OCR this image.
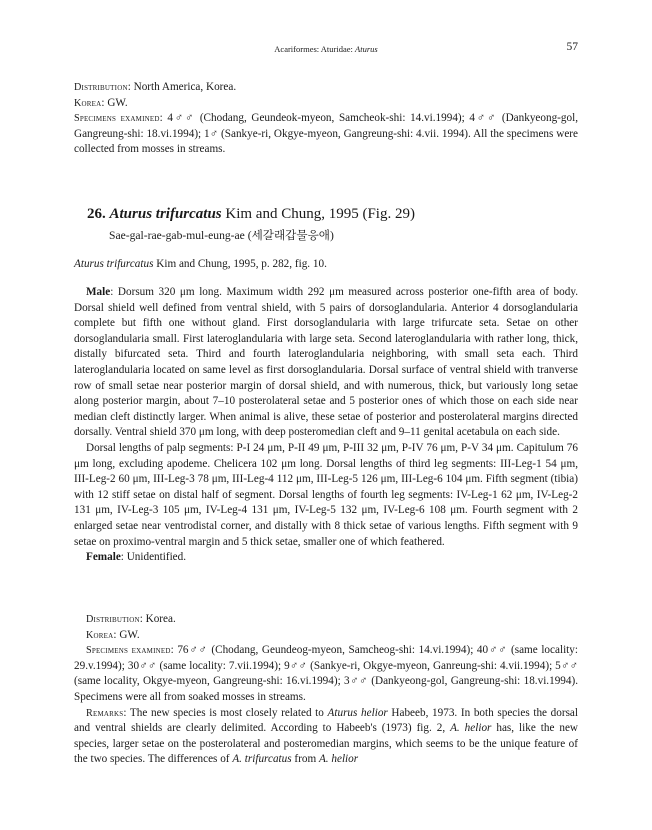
Acariformes: Aturidae: Aturus	57

Distribution: North America, Korea.

Korea: GW.

Specimens examined: 4♂♂ (Chodang, Geundeok-myeon, Samcheok-shi: 14.vi.1994); 4♂♂ (Dankyeong-gol, Gangreung-shi: 18.vi.1994); 1♂ (Sankye-ri, Okgye-myeon, Gangreung-shi: 4.vii. 1994). All the specimens were collected from mosses in streams.

26. Aturus trifurcatus Kim and Chung, 1995 (Fig. 29)
Sae-gal-rae-gab-mul-eung-ae (세갈래갑물응애)

Aturus trifurcatus Kim and Chung, 1995, p. 282, fig. 10.

Male: Dorsum 320 μm long. Maximum width 292 μm measured across posterior one-fifth area of body. Dorsal shield well defined from ventral shield, with 5 pairs of dorsoglandularia. Anterior 4 dorsoglandularia complete but fifth one without gland. First dorsoglandularia with large trifurcate seta. Setae on other dorsoglandularia small. First lateroglandularia with large seta. Second lateroglandularia with rather long, thick, distally bifurcated seta. Third and fourth lateroglandularia neighboring, with small seta each. Third lateroglandularia located on same level as first dorsoglandularia. Dorsal surface of ventral shield with tranverse row of small setae near posterior margin of dorsal shield, and with numerous, thick, but variously long setae along posterior margin, about 7–10 posterolateral setae and 5 posterior ones of which those on each side near median cleft distinctly larger. When animal is alive, these setae of posterior and posterolateral margins directed dorsally. Ventral shield 370 μm long, with deep posteromedian cleft and 9–11 genital acetabula on each side.

Dorsal lengths of palp segments: P-I 24 μm, P-II 49 μm, P-III 32 μm, P-IV 76 μm, P-V 34 μm. Capitulum 76 μm long, excluding apodeme. Chelicera 102 μm long. Dorsal lengths of third leg segments: III-Leg-1 54 μm, III-Leg-2 60 μm, III-Leg-3 78 μm, III-Leg-4 112 μm, III-Leg-5 126 μm, III-Leg-6 104 μm. Fifth segment (tibia) with 12 stiff setae on distal half of segment. Dorsal lengths of fourth leg segments: IV-Leg-1 62 μm, IV-Leg-2 131 μm, IV-Leg-3 105 μm, IV-Leg-4 131 μm, IV-Leg-5 132 μm, IV-Leg-6 108 μm. Fourth segment with 2 enlarged setae near ventrodistal corner, and distally with 8 thick setae of various lengths. Fifth segment with 9 setae on proximo-ventral margin and 5 thick setae, smaller one of which feathered.

Female: Unidentified.

Distribution: Korea.

Korea: GW.

Specimens examined: 76♂♂ (Chodang, Geundeog-myeon, Samcheog-shi: 14.vi.1994); 40♂♂ (same locality: 29.v.1994); 30♂♂ (same locality: 7.vii.1994); 9♂♂ (Sankye-ri, Okgye-myeon, Ganreung-shi: 4.vii.1994); 5♂♂ (same locality, Okgye-myeon, Gangreung-shi: 16.vi.1994); 3♂♂ (Dankyeong-gol, Gangreung-shi: 18.vi.1994). Specimens were all from soaked mosses in streams.

Remarks: The new species is most closely related to Aturus helior Habeeb, 1973. In both species the dorsal and ventral shields are clearly delimited. According to Habeeb's (1973) fig. 2, A. helior has, like the new species, larger setae on the posterolateral and posteromedian margins, which seems to be the unique feature of the two species. The differences of A. trifurcatus from A. helior
